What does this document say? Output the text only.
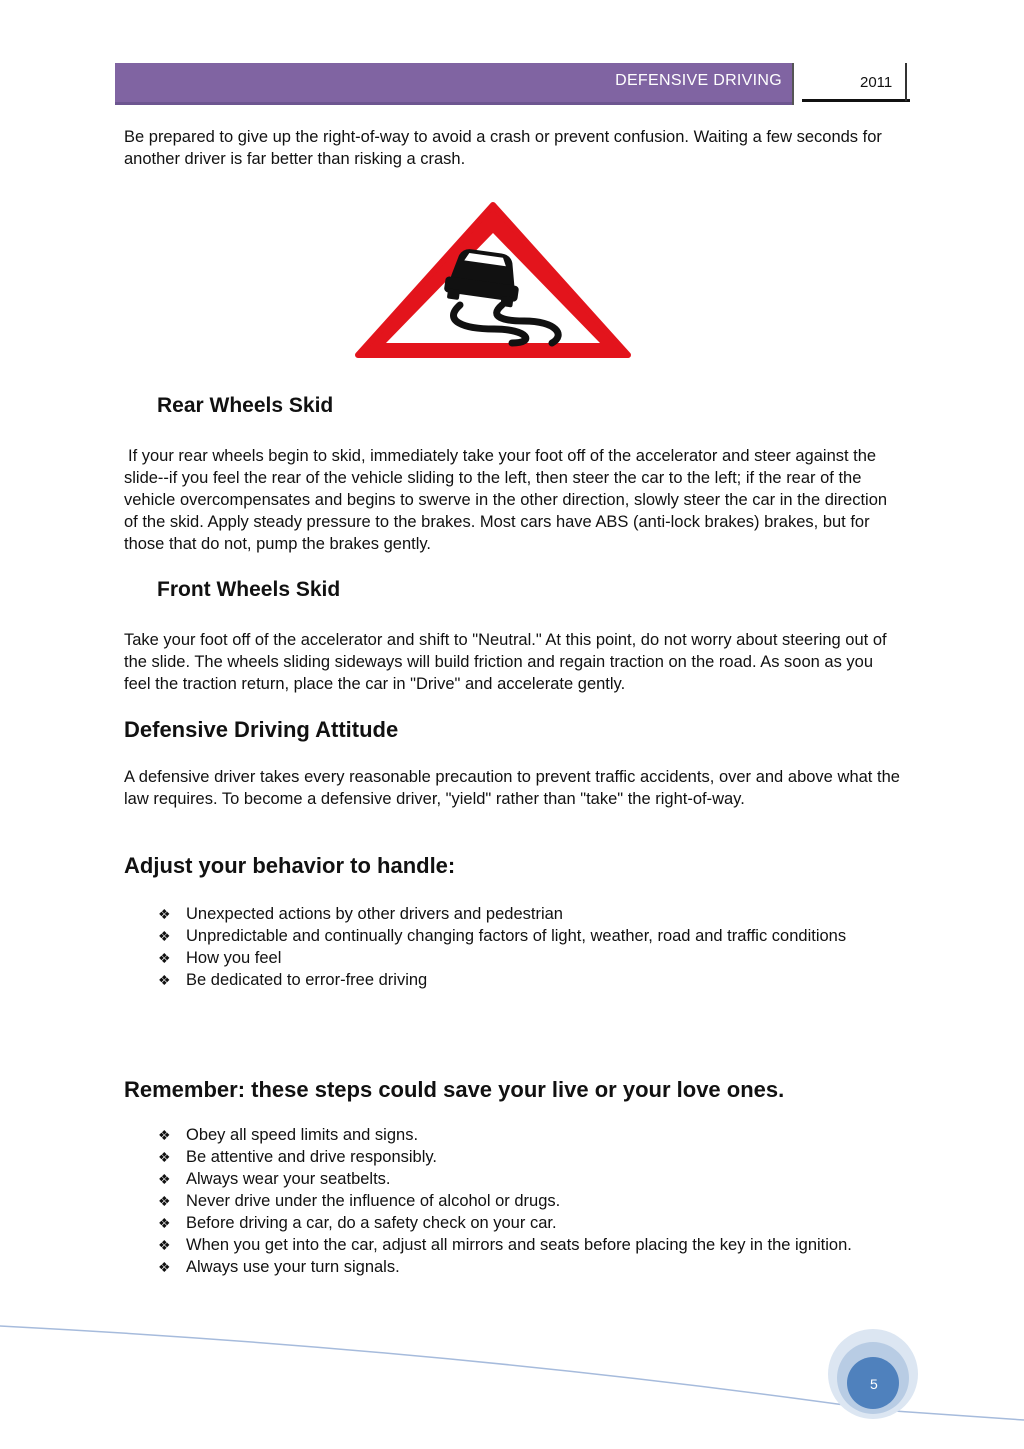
DEFENSIVE DRIVING	2011

Be prepared to give up the right-of-way to avoid a crash or prevent confusion. Waiting a few seconds for another driver is far better than risking a crash.

Rear Wheels Skid

If your rear wheels begin to skid, immediately take your foot off of the accelerator and steer against the slide--if you feel the rear of the vehicle sliding to the left, then steer the car to the left; if the rear of the vehicle overcompensates and begins to swerve in the other direction, slowly steer the car in the direction of the skid. Apply steady pressure to the brakes. Most cars have ABS (anti-lock brakes) brakes, but for those that do not, pump the brakes gently.

Front Wheels Skid

Take your foot off of the accelerator and shift to "Neutral." At this point, do not worry about steering out of the slide. The wheels sliding sideways will build friction and regain traction on the road. As soon as you feel the traction return, place the car in "Drive" and accelerate gently.

Defensive Driving Attitude

A defensive driver takes every reasonable precaution to prevent traffic accidents, over and above what the law requires. To become a defensive driver, "yield" rather than "take" the right-of-way.

Adjust your behavior to handle:
❖ Unexpected actions by other drivers and pedestrian
❖ Unpredictable and continually changing factors of light, weather, road and traffic conditions
❖ How you feel
❖ Be dedicated to error-free driving
Remember: these steps could save your live or your love ones.
❖ Obey all speed limits and signs.
❖ Be attentive and drive responsibly.
❖ Always wear your seatbelts.
❖ Never drive under the influence of alcohol or drugs.
❖ Before driving a car, do a safety check on your car.
❖ When you get into the car, adjust all mirrors and seats before placing the key in the ignition.
❖ Always use your turn signals.
5
